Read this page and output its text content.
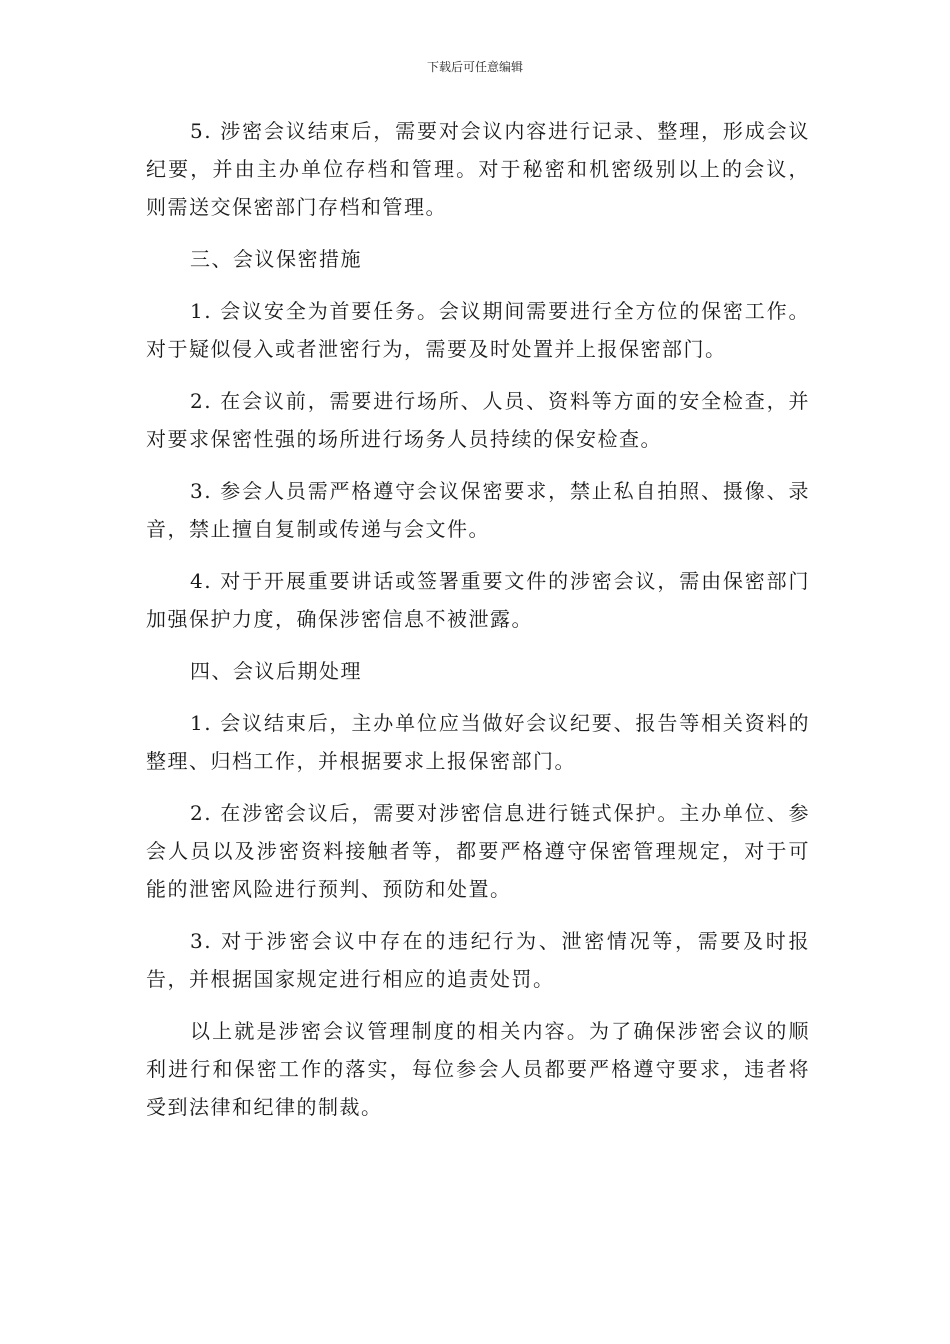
下载后可任意编辑

5. 涉密会议结束后，需要对会议内容进行记录、整理，形成会议纪要，并由主办单位存档和管理。对于秘密和机密级别以上的会议，则需送交保密部门存档和管理。

三、会议保密措施

1. 会议安全为首要任务。会议期间需要进行全方位的保密工作。对于疑似侵入或者泄密行为，需要及时处置并上报保密部门。

2. 在会议前，需要进行场所、人员、资料等方面的安全检查，并对要求保密性强的场所进行场务人员持续的保安检查。

3. 参会人员需严格遵守会议保密要求，禁止私自拍照、摄像、录音，禁止擅自复制或传递与会文件。

4. 对于开展重要讲话或签署重要文件的涉密会议，需由保密部门加强保护力度，确保涉密信息不被泄露。

四、会议后期处理

1. 会议结束后，主办单位应当做好会议纪要、报告等相关资料的整理、归档工作，并根据要求上报保密部门。

2. 在涉密会议后，需要对涉密信息进行链式保护。主办单位、参会人员以及涉密资料接触者等，都要严格遵守保密管理规定，对于可能的泄密风险进行预判、预防和处置。

3. 对于涉密会议中存在的违纪行为、泄密情况等，需要及时报告，并根据国家规定进行相应的追责处罚。

以上就是涉密会议管理制度的相关内容。为了确保涉密会议的顺利进行和保密工作的落实，每位参会人员都要严格遵守要求，违者将受到法律和纪律的制裁。
